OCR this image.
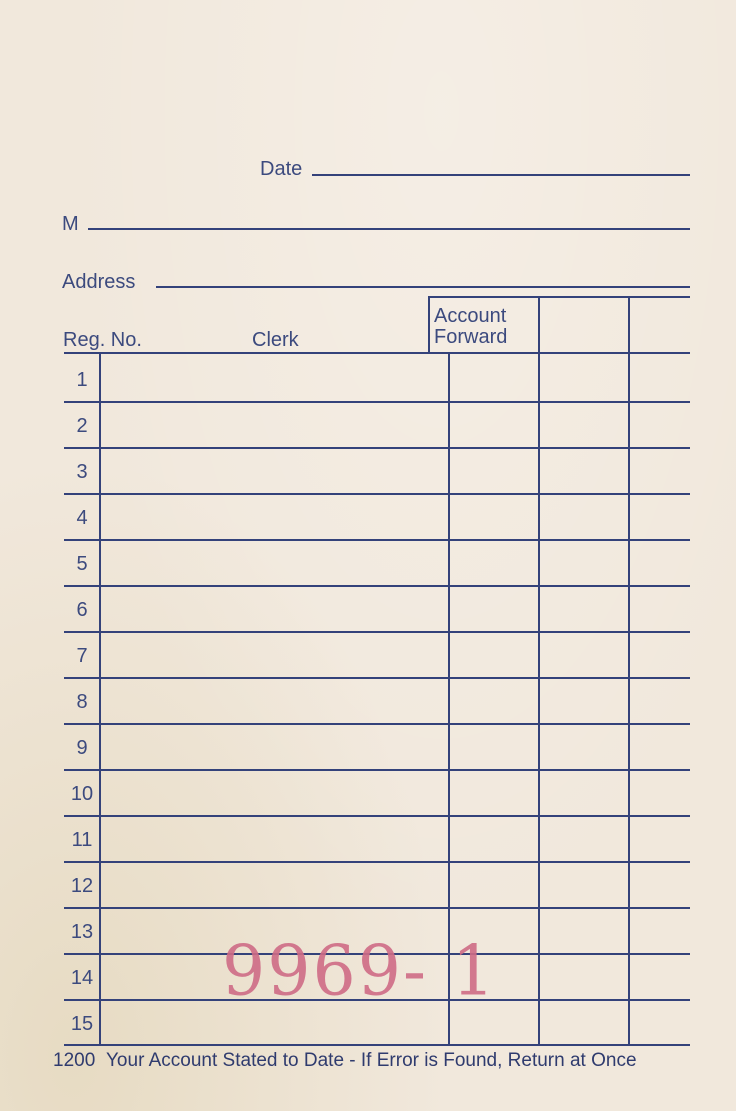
Date
M
Address
Reg. No.	Clerk
Account
Forward
1
2
3
4
5
6
7
8
9
10
11
12
13
14
15
9969- 1
1200 Your Account Stated to Date - If Error is Found, Return at Once
